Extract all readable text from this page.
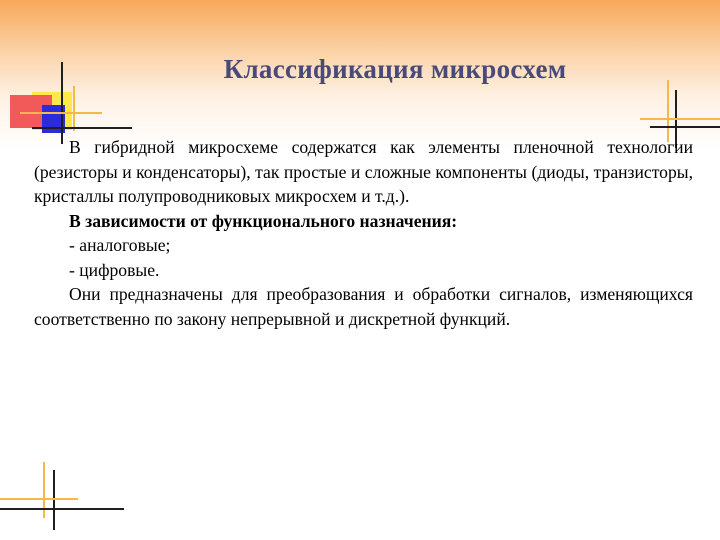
Классификация микросхем

В гибридной микросхеме содержатся как элементы пленочной технологии (резисторы и конденсаторы), так простые и сложные компоненты (диоды, транзисторы, кристаллы полупроводниковых микросхем и т.д.).

В зависимости от функционального назначения:

- аналоговые;

- цифровые.

Они предназначены для преобразования и обработки сигналов, изменяющихся соответственно по закону непрерывной и дискретной функций.
